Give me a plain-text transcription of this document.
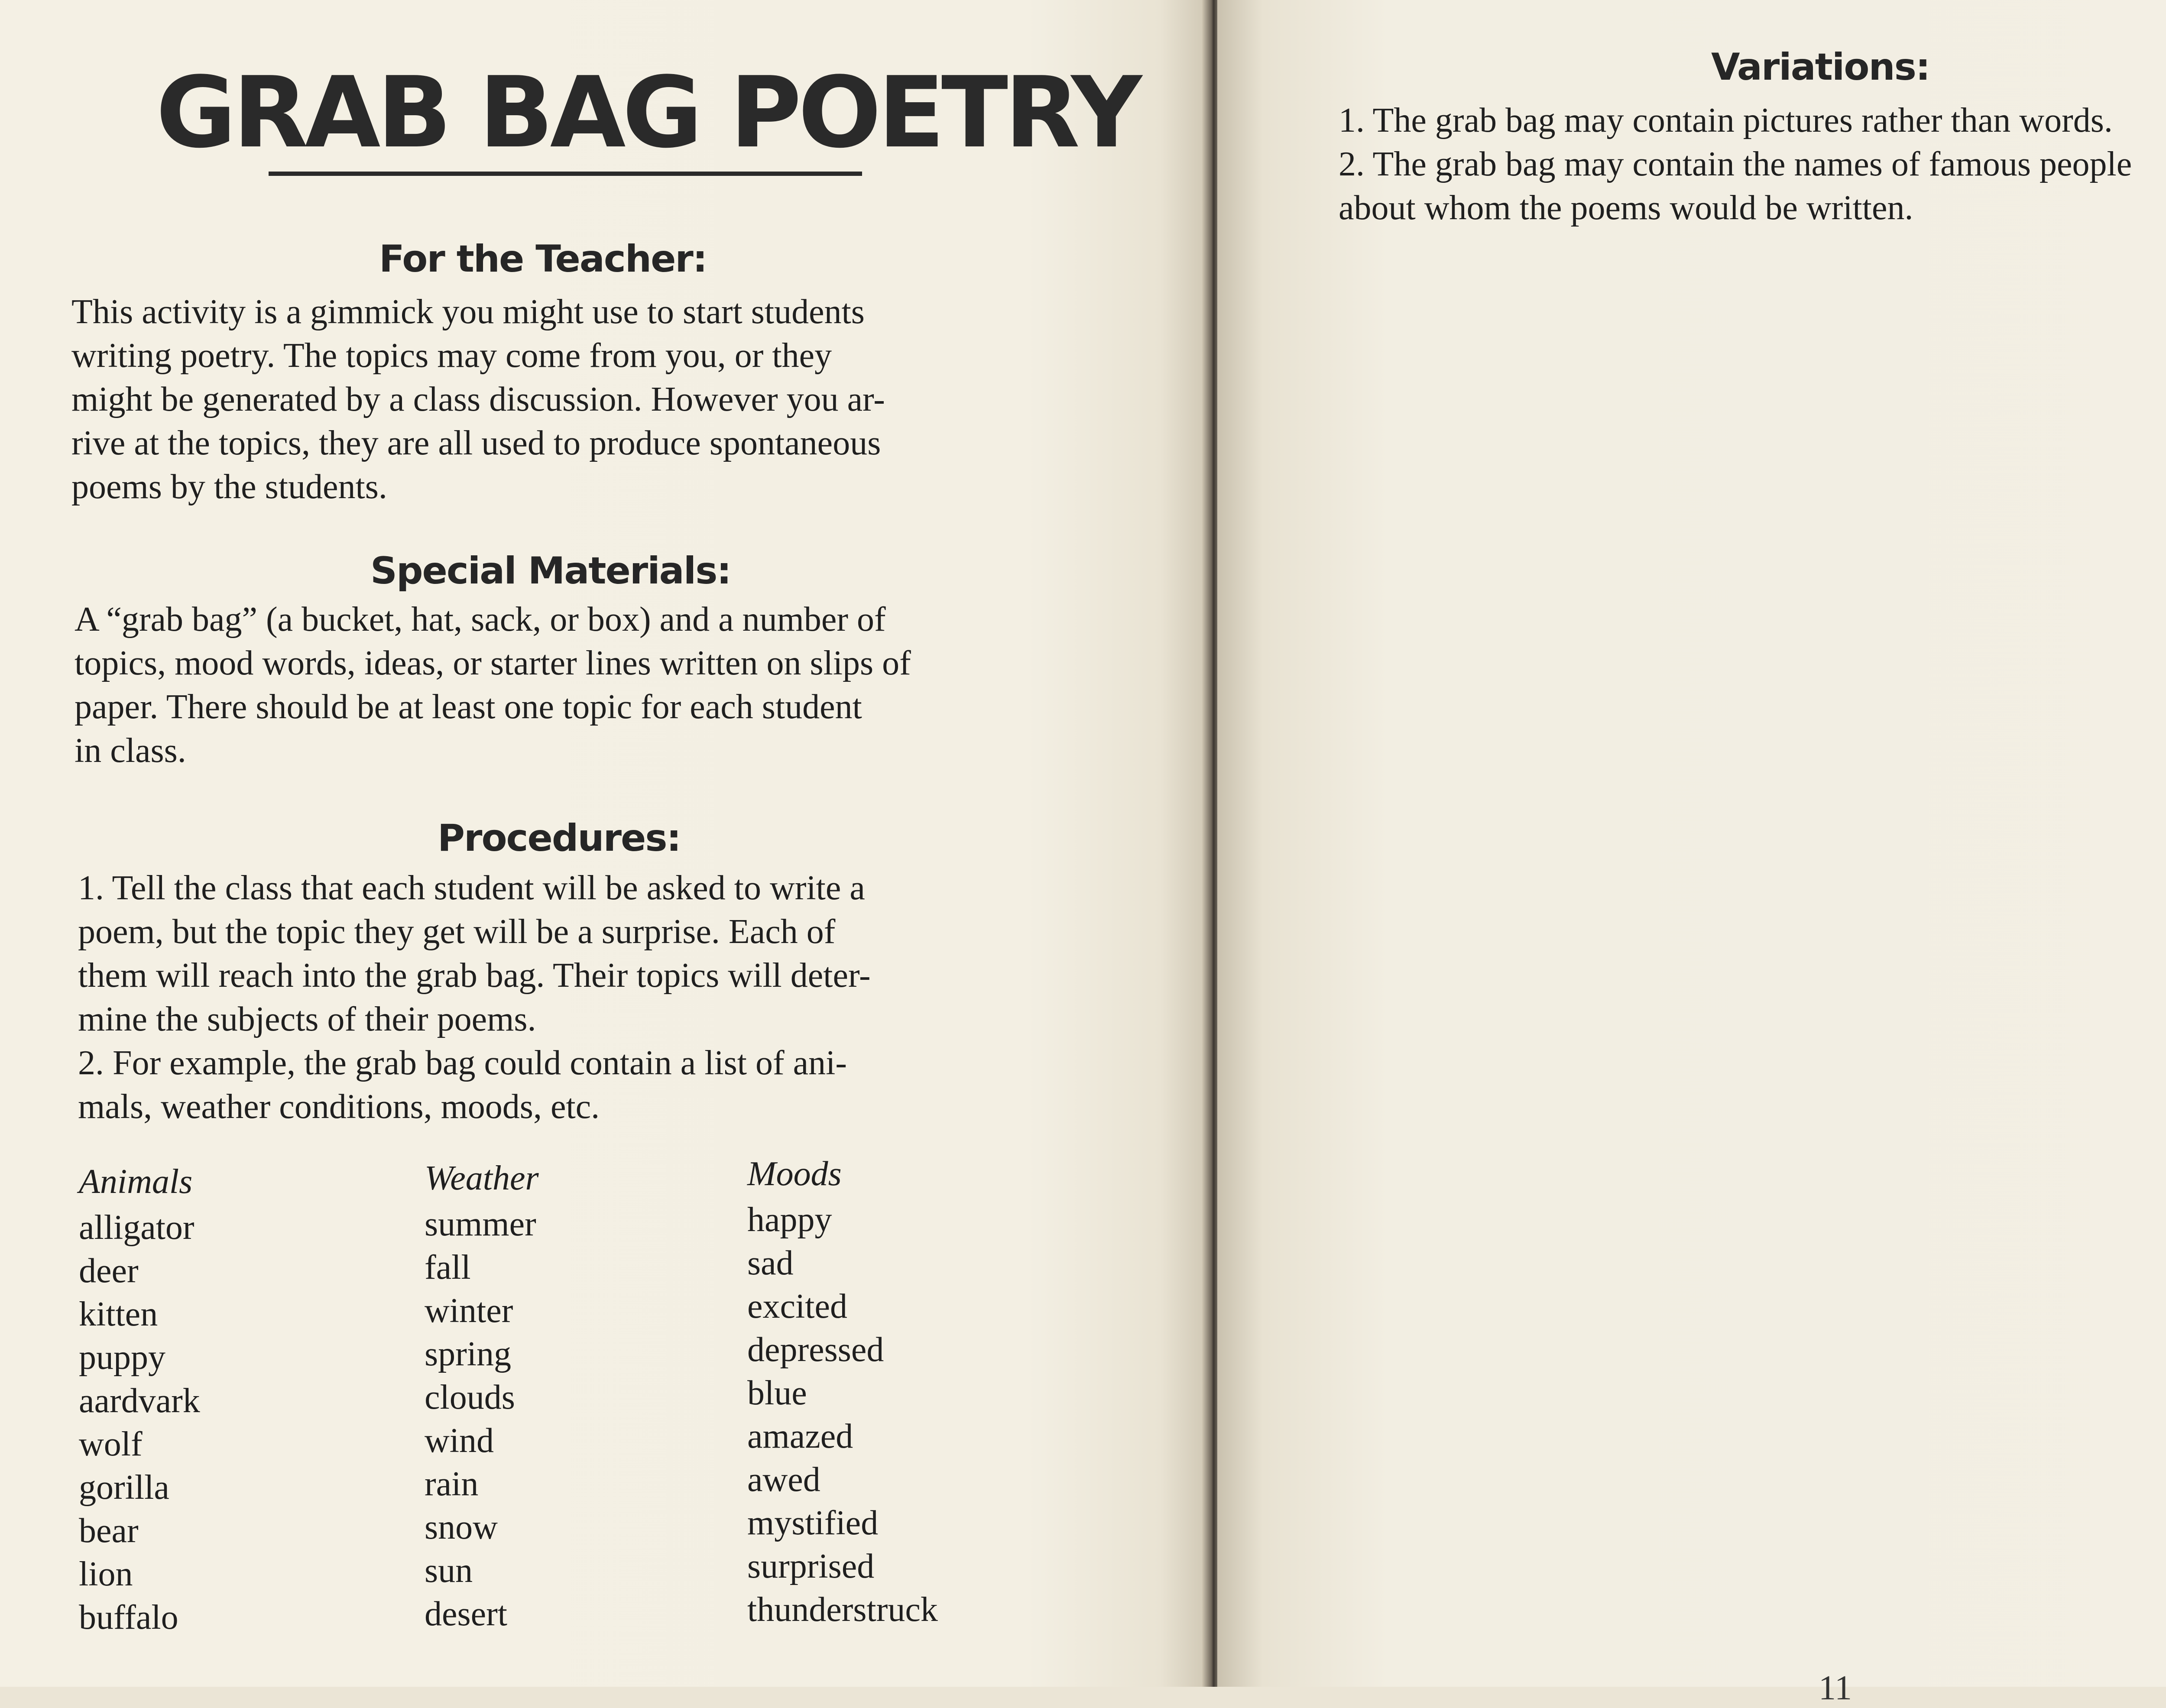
GRAB BAG POETRY
For the Teacher:
This activity is a gimmick you might use to start students
writing poetry. The topics may come from you, or they
might be generated by a class discussion. However you ar-
rive at the topics, they are all used to produce spontaneous
poems by the students.
Special Materials:
A “grab bag” (a bucket, hat, sack, or box) and a number of
topics, mood words, ideas, or starter lines written on slips of
paper. There should be at least one topic for each student
in class.
Procedures:
1. Tell the class that each student will be asked to write a
poem, but the topic they get will be a surprise. Each of
them will reach into the grab bag. Their topics will deter-
mine the subjects of their poems.
2. For example, the grab bag could contain a list of ani-
mals, weather conditions, moods, etc.
Animals
alligator
deer
kitten
puppy
aardvark
wolf
gorilla
bear
lion
buffalo
Weather
summer
fall
winter
spring
clouds
wind
rain
snow
sun
desert
Moods
happy
sad
excited
depressed
blue
amazed
awed
mystified
surprised
thunderstruck
Variations:
1. The grab bag may contain pictures rather than words.
2. The grab bag may contain the names of famous people
about whom the poems would be written.
11
